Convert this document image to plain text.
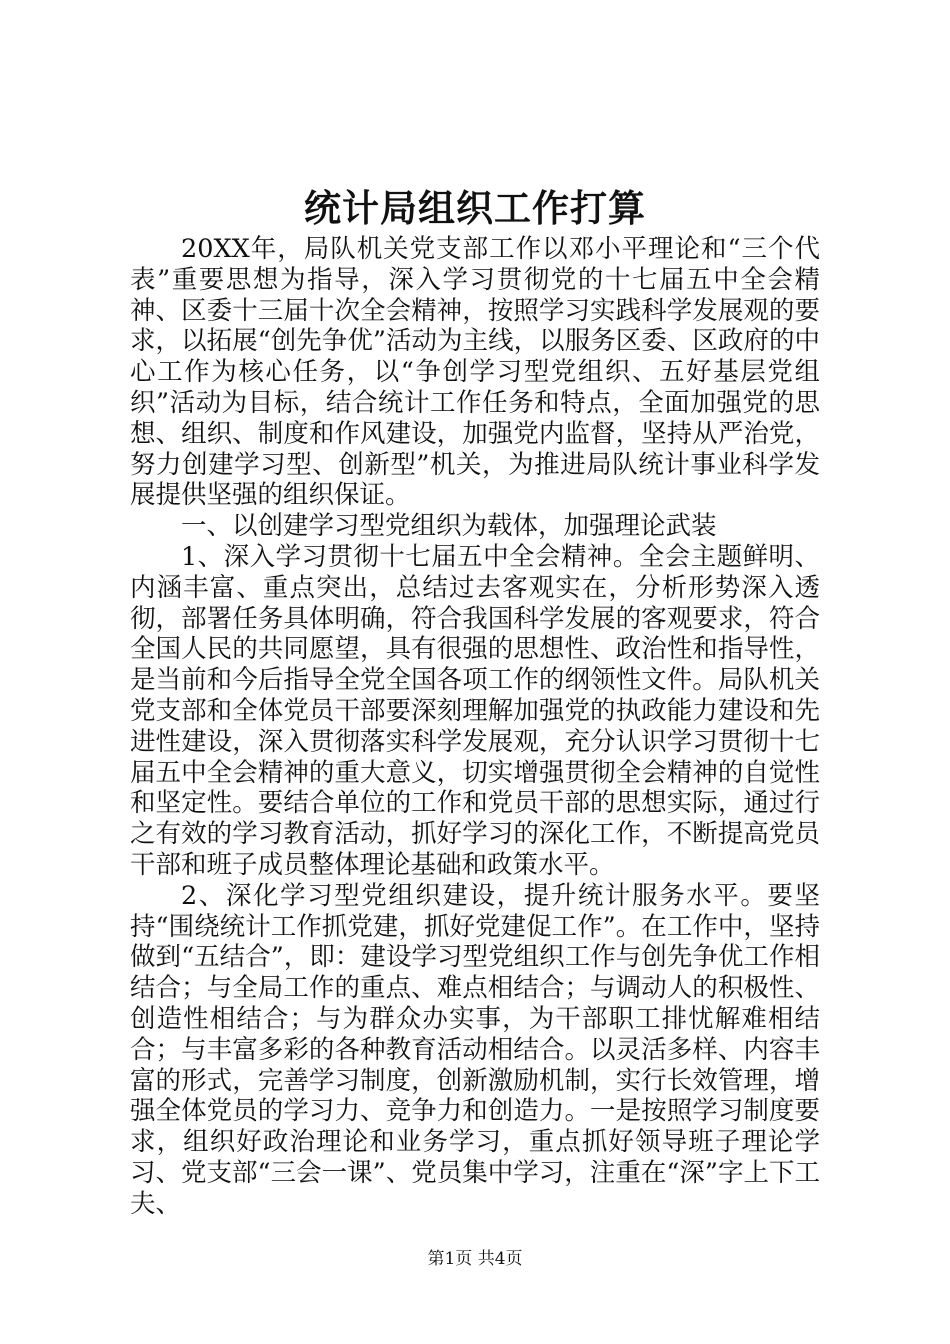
统计局组织工作打算

20XX年，局队机关党支部工作以邓小平理论和“三个代表”重要思想为指导，深入学习贯彻党的十七届五中全会精神、区委十三届十次全会精神，按照学习实践科学发展观的要求，以拓展“创先争优”活动为主线，以服务区委、区政府的中心工作为核心任务，以“争创学习型党组织、五好基层党组织”活动为目标，结合统计工作任务和特点，全面加强党的思想、组织、制度和作风建设，加强党内监督，坚持从严治党，努力创建学习型、创新型”机关，为推进局队统计事业科学发展提供坚强的组织保证。

一、以创建学习型党组织为载体，加强理论武装

1、深入学习贯彻十七届五中全会精神。全会主题鲜明、内涵丰富、重点突出，总结过去客观实在，分析形势深入透彻，部署任务具体明确，符合我国科学发展的客观要求，符合全国人民的共同愿望，具有很强的思想性、政治性和指导性，是当前和今后指导全党全国各项工作的纲领性文件。局队机关党支部和全体党员干部要深刻理解加强党的执政能力建设和先进性建设，深入贯彻落实科学发展观，充分认识学习贯彻十七届五中全会精神的重大意义，切实增强贯彻全会精神的自觉性和坚定性。要结合单位的工作和党员干部的思想实际，通过行之有效的学习教育活动，抓好学习的深化工作，不断提高党员干部和班子成员整体理论基础和政策水平。

2、深化学习型党组织建设，提升统计服务水平。要坚持“围绕统计工作抓党建，抓好党建促工作”。在工作中，坚持做到“五结合”，即：建设学习型党组织工作与创先争优工作相结合；与全局工作的重点、难点相结合；与调动人的积极性、创造性相结合；与为群众办实事，为干部职工排忧解难相结合；与丰富多彩的各种教育活动相结合。以灵活多样、内容丰富的形式，完善学习制度，创新激励机制，实行长效管理，增强全体党员的学习力、竞争力和创造力。一是按照学习制度要求，组织好政治理论和业务学习，重点抓好领导班子理论学习、党支部“三会一课”、党员集中学习，注重在“深”字上下工夫、

第1页 共4页
